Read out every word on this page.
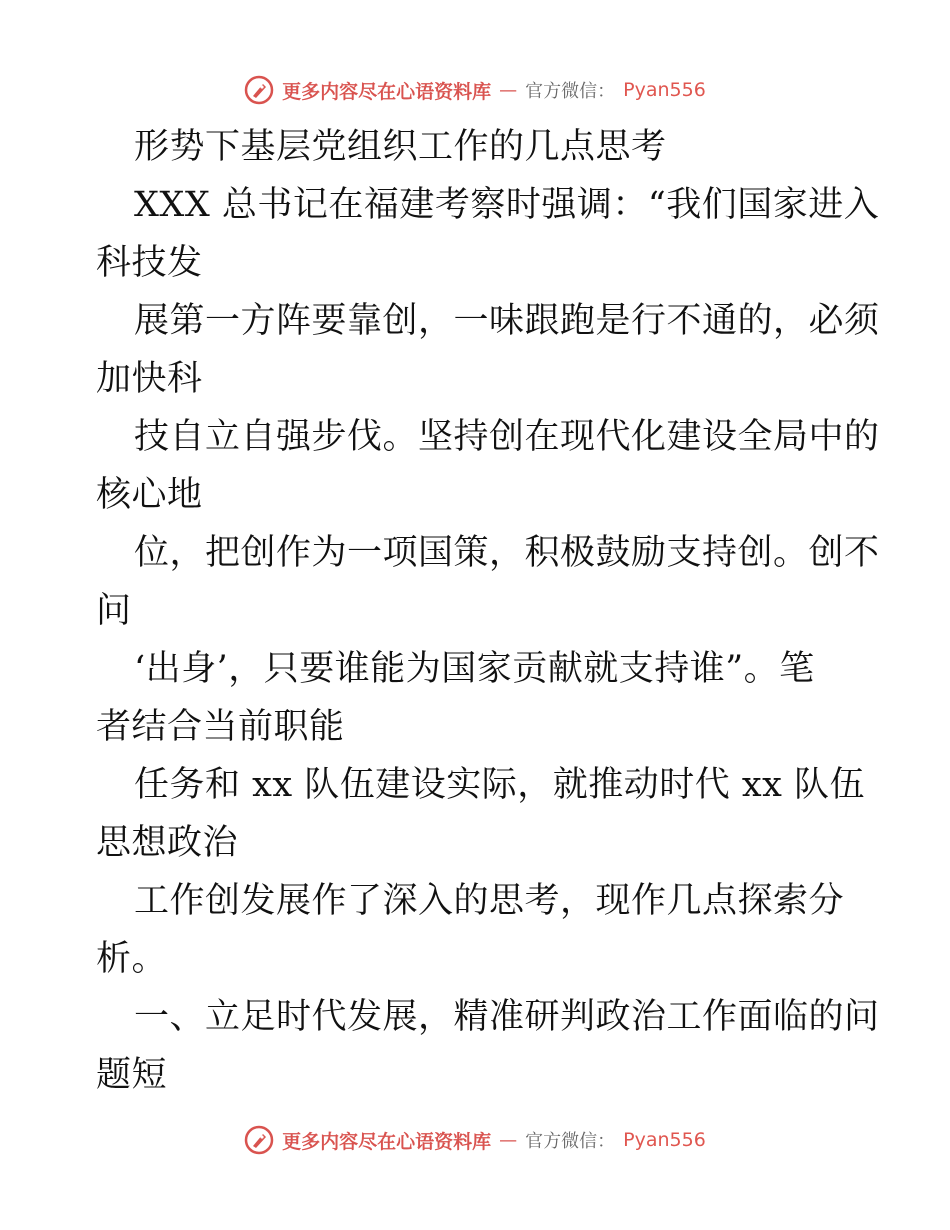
更多内容尽在心语资料库 — 官方微信： Pyan556
形势下基层党组织工作的几点思考
XXX 总书记在福建考察时强调：“我们国家进入
科技发
展第一方阵要靠创，一味跟跑是行不通的，必须
加快科
技自立自强步伐。坚持创在现代化建设全局中的
核心地
位，把创作为一项国策，积极鼓励支持创。创不
问
‘出身’，只要谁能为国家贡献就支持谁”。笔
者结合当前职能
任务和 xx 队伍建设实际，就推动时代 xx 队伍
思想政治
工作创发展作了深入的思考，现作几点探索分
析。
一、立足时代发展，精准研判政治工作面临的问
题短
更多内容尽在心语资料库 — 官方微信： Pyan556
